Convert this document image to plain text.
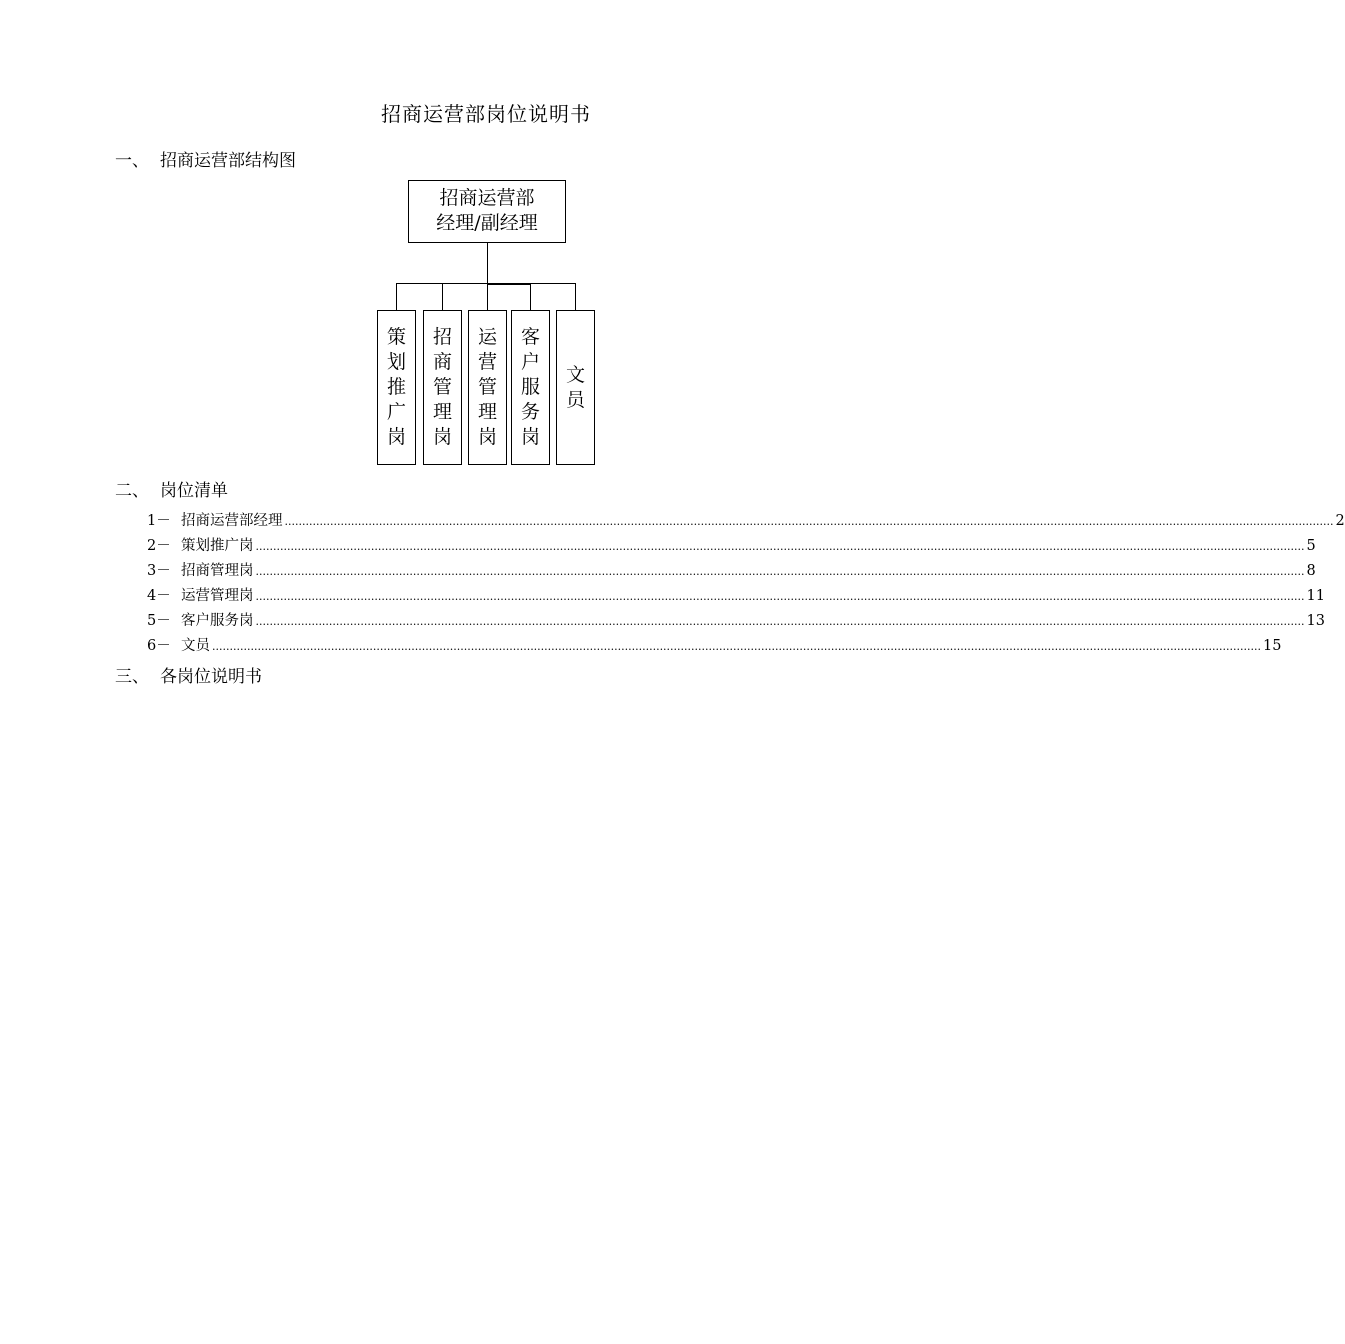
招商运营部岗位说明书
一、 招商运营部结构图
招商运营部
经理/副经理
策
划
推
广
岗
招
商
管
理
岗
运
营
管
理
岗
客
户
服
务
岗
文
员
二、 岗位清单
1－ 招商运营部经理 ............................................................................................................................................................................................................................................................................................................ 2
2－ 策划推广岗 ............................................................................................................................................................................................................................................................................................................ 5
3－ 招商管理岗 ............................................................................................................................................................................................................................................................................................................ 8
4－ 运营管理岗 ............................................................................................................................................................................................................................................................................................................ 11
5－ 客户服务岗 ............................................................................................................................................................................................................................................................................................................ 13
6－ 文员 ............................................................................................................................................................................................................................................................................................................ 15
三、 各岗位说明书
